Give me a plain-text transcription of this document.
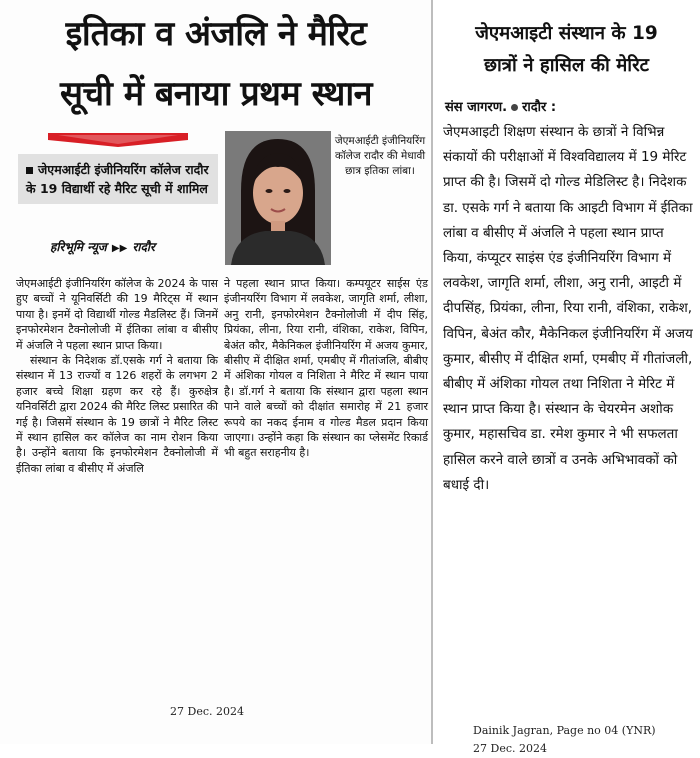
इतिका व अंजलि ने मैरिट
सूची में बनाया प्रथम स्थान
जेएमआईटी इंजीनियरिंग कॉलेज रादौर के 19 विद्यार्थी रहे मैरिट सूची में शामिल
हरिभूमि न्यूज ▶▶ रादौर
जेएमआईटी इंजीनियरिंग कॉलेज रादौर की मेधावी छात्र इतिका लांबा।

जेएमआईटी इंजीनियरिंग कॉलेज के 2024 के पास हुए बच्चों ने यूनिवर्सिटी की 19 मैरिट्स में स्थान पाया है। इनमें दो विद्यार्थी गोल्ड मैडलिस्ट हैं। जिनमें इनफोरमेशन टैक्नोलोजी में ईतिका लांबा व बीसीए में अंजलि ने पहला स्थान प्राप्त किया।

संस्थान के निदेशक डॉ.एसके गर्ग ने बताया कि संस्थान में 13 राज्यों व 126 शहरों के लगभग 2 हजार बच्चे शिक्षा ग्रहण कर रहे हैं। कुरुक्षेत्र यनिवर्सिटी द्वारा 2024 की मैरिट लिस्ट प्रसारित की गई है। जिसमें संस्थान के 19 छात्रों ने मैरिट लिस्ट में स्थान हासिल कर कॉलेज का नाम रोशन किया है। उन्होंने बताया कि इनफोरमेशन टैक्नोलोजी में ईतिका लांबा व बीसीए में अंजलि

ने पहला स्थान प्राप्त किया। कम्पयूटर साईस एंड इंजीनयरिंग विभाग में लवकेश, जागृति शर्मा, लीशा, अनु रानी, इनफोरमेशन टैक्नोलोजी में दीप सिंह, प्रियंका, लीना, रिया रानी, वंशिका, राकेश, विपिन, बेअंत कौर, मैकेनिकल इंजीनियरिंग में अजय कुमार, बीसीए में दीक्षित शर्मा, एमबीए में गीतांजलि, बीबीए में अंशिका गोयल व निशिता ने मैरिट में स्थान पाया है। डॉ.गर्ग ने बताया कि संस्थान द्वारा पहला स्थान पाने वाले बच्चों को दीक्षांत समारोह में 21 हजार रूपये का नकद ईनाम व गोल्ड मैडल प्रदान किया जाएगा। उन्होंने कहा कि संस्थान का प्लेसमेंट रिकार्ड भी बहुत सराहनीय है।

27 Dec. 2024
जेएमआइटी संस्थान के 19
छात्रों ने हासिल की मेरिट
संस जागरण. रादौर :
जेएमआइटी शिक्षण संस्थान के छात्रों ने विभिन्न संकायों की परीक्षाओं में विश्वविद्यालय में 19 मेरिट प्राप्त की है। जिसमें दो गोल्ड मेडिलिस्ट है। निदेशक डा. एसके गर्ग ने बताया कि आइटी विभाग में ईतिका लांबा व बीसीए में अंजलि ने पहला स्थान प्राप्त किया, कंप्यूटर साइंस एंड इंजीनियरिंग विभाग में लवकेश, जागृति शर्मा, लीशा, अनु रानी, आइटी में दीपसिंह, प्रियंका, लीना, रिया रानी, वंशिका, राकेश, विपिन, बेअंत कौर, मैकेनिकल इंजीनियरिंग में अजय कुमार, बीसीए में दीक्षित शर्मा, एमबीए में गीतांजली, बीबीए में अंशिका गोयल तथा निशिता ने मेरिट में स्थान प्राप्त किया है। संस्थान के चेयरमेन अशोक कुमार, महासचिव डा. रमेश कुमार ने भी सफलता हासिल करने वाले छात्रों व उनके अभिभावकों को बधाई दी।
Dainik Jagran, Page no 04 (YNR)
27 Dec. 2024
